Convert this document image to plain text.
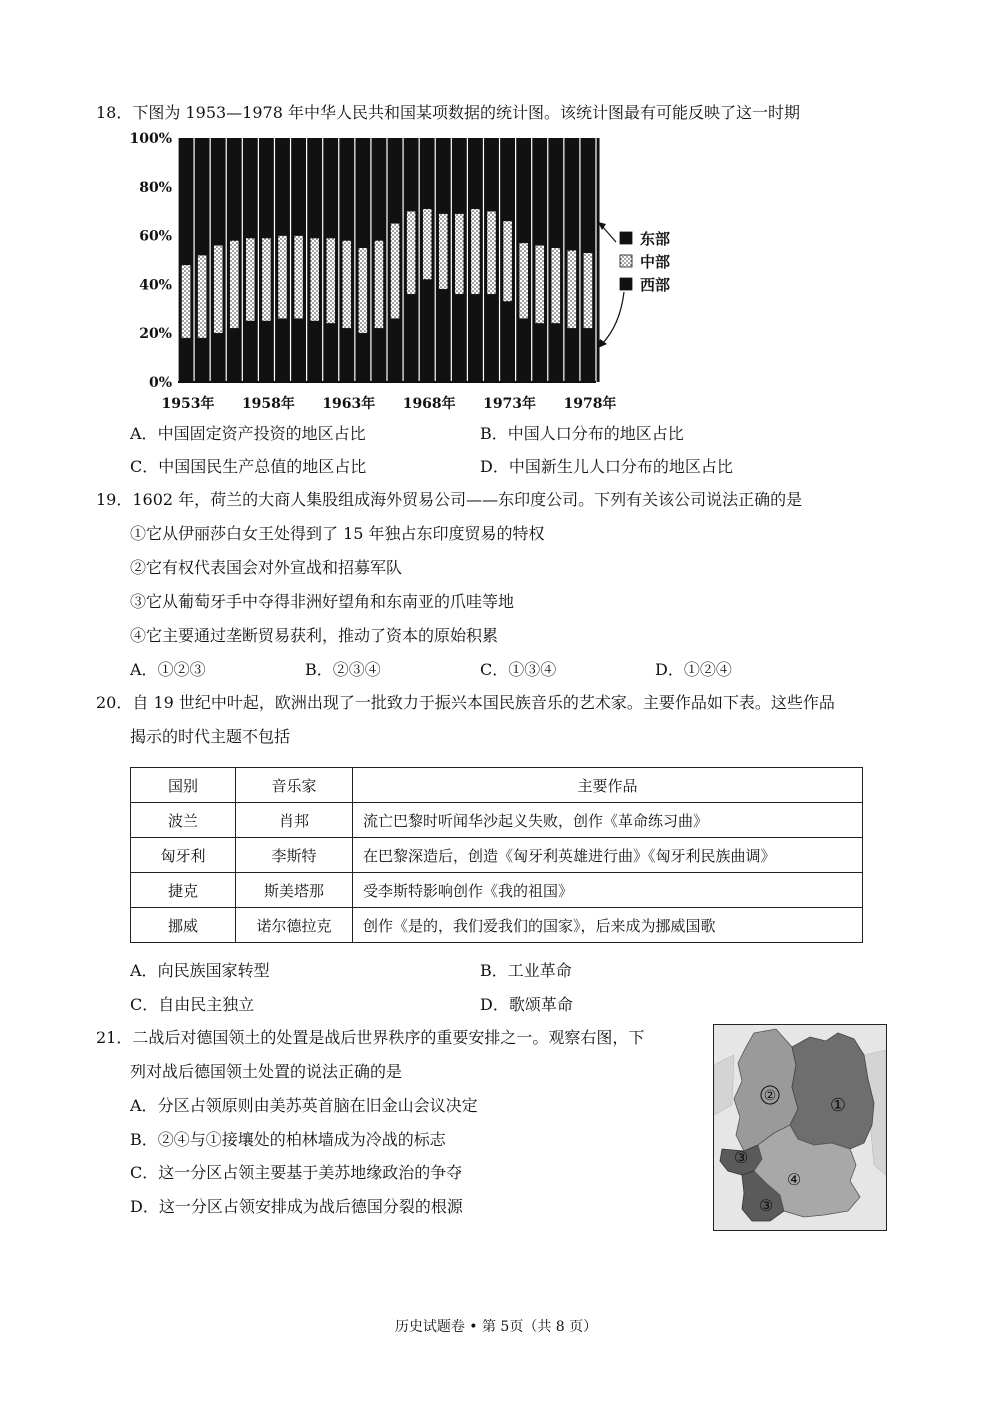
18．下图为 1953—1978 年中华人民共和国某项数据的统计图。该统计图最有可能反映了这一时期
0%
20%
40%
60%
80%
100%
1953年 1958年 1963年 1968年 1973年 1978年
东部
中部
西部
A．中国固定资产投资的地区占比	B．中国人口分布的地区占比
C．中国国民生产总值的地区占比	D．中国新生儿人口分布的地区占比
19．1602 年，荷兰的大商人集股组成海外贸易公司——东印度公司。下列有关该公司说法正确的是
①它从伊丽莎白女王处得到了 15 年独占东印度贸易的特权
②它有权代表国会对外宣战和招募军队
③它从葡萄牙手中夺得非洲好望角和东南亚的爪哇等地
④它主要通过垄断贸易获利，推动了资本的原始积累
A．①②③	B．②③④	C．①③④	D．①②④
20．自 19 世纪中叶起，欧洲出现了一批致力于振兴本国民族音乐的艺术家。主要作品如下表。这些作品
揭示的时代主题不包括
国别	音乐家	主要作品
波兰	肖邦	流亡巴黎时听闻华沙起义失败，创作《革命练习曲》
匈牙利	李斯特	在巴黎深造后，创造《匈牙利英雄进行曲》《匈牙利民族曲调》
捷克	斯美塔那	受李斯特影响创作《我的祖国》
挪威	诺尔德拉克	创作《是的，我们爱我们的国家》，后来成为挪威国歌
A．向民族国家转型	B．工业革命
C．自由民主独立	D．歌颂革命
21．二战后对德国领土的处置是战后世界秩序的重要安排之一。观察右图，下
列对战后德国领土处置的说法正确的是
A．分区占领原则由美苏英首脑在旧金山会议决定
B．②④与①接壤处的柏林墙成为冷战的标志
C．这一分区占领主要基于美苏地缘政治的争夺
D．这一分区占领安排成为战后德国分裂的根源
②	①
③
④
③
历史试题卷 • 第 5页（共 8 页）
